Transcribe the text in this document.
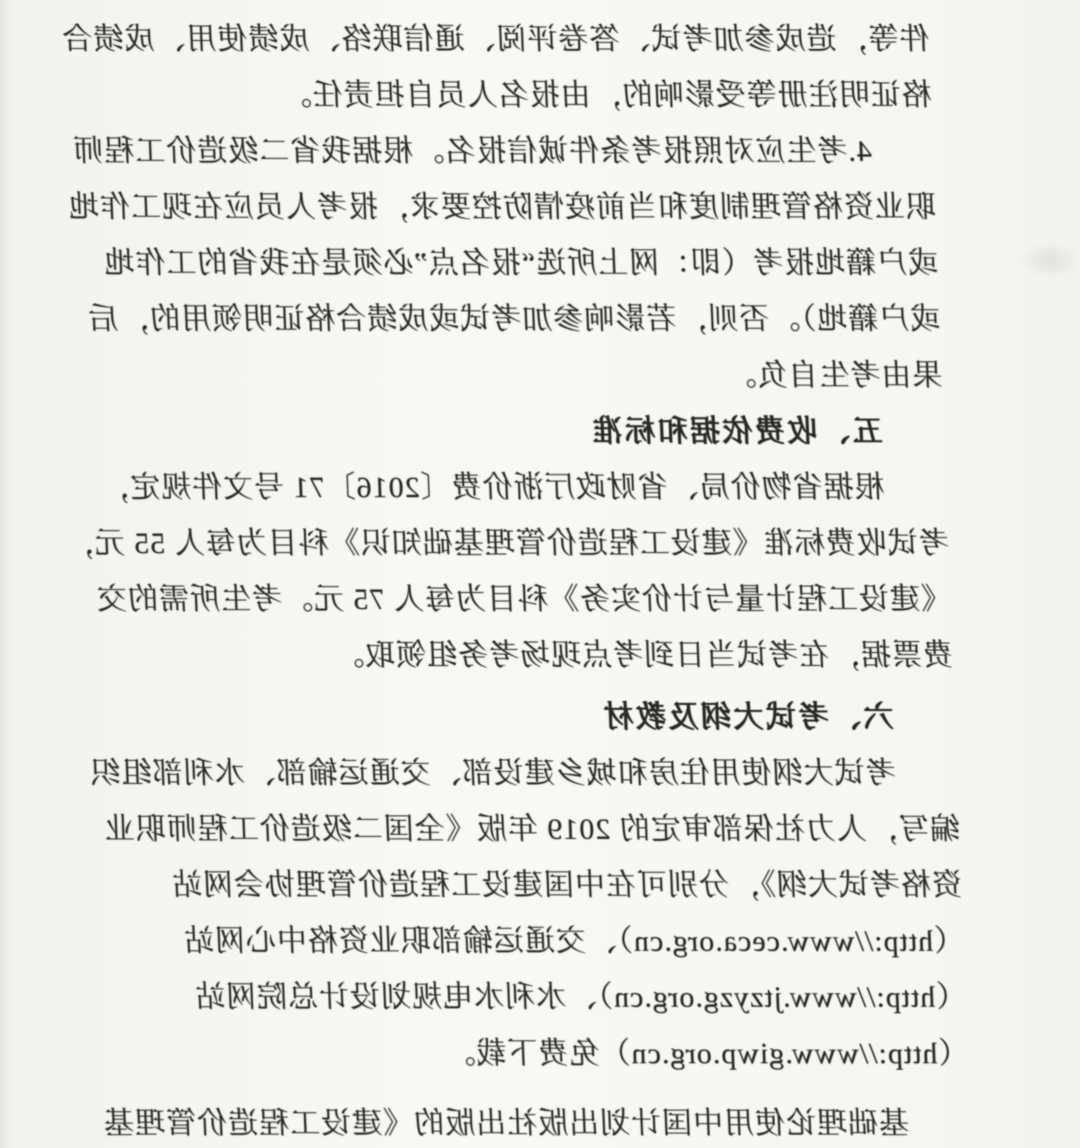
件等，造成参加考试、答卷评阅、通信联络、成绩使用、成绩合
格证明注册等受影响的，由报名人员自担责任。
4.考生应对照报考条件诚信报名。根据我省二级造价工程师
职业资格管理制度和当前疫情防控要求，报考人员应在现工作地
或户籍地报考（即：网上所选“报名点”必须是在我省的工作地
或户籍地）。否则，若影响参加考试或成绩合格证明领用的，后
果由考生自负。
五、收费依据和标准
根据省物价局、省财政厅浙价费〔2016〕71 号文件规定，
考试收费标准《建设工程造价管理基础知识》科目为每人 55 元，
《建设工程计量与计价实务》科目为每人 75 元。考生所需的交
费票据，在考试当日到考点现场考务组领取。
六、考试大纲及教材
考试大纲使用住房和城乡建设部、交通运输部、水利部组织
编写，人力社保部审定的 2019 年版《全国二级造价工程师职业
资格考试大纲》，分别可在中国建设工程造价管理协会网站
（http://www.ceca.org.cn）、交通运输部职业资格中心网站
（http://www.jtzyzg.org.cn）、水利水电规划设计总院网站
（http://www.giwp.org.cn）免费下载。
基础理论使用中国计划出版社出版的《建设工程造价管理基
